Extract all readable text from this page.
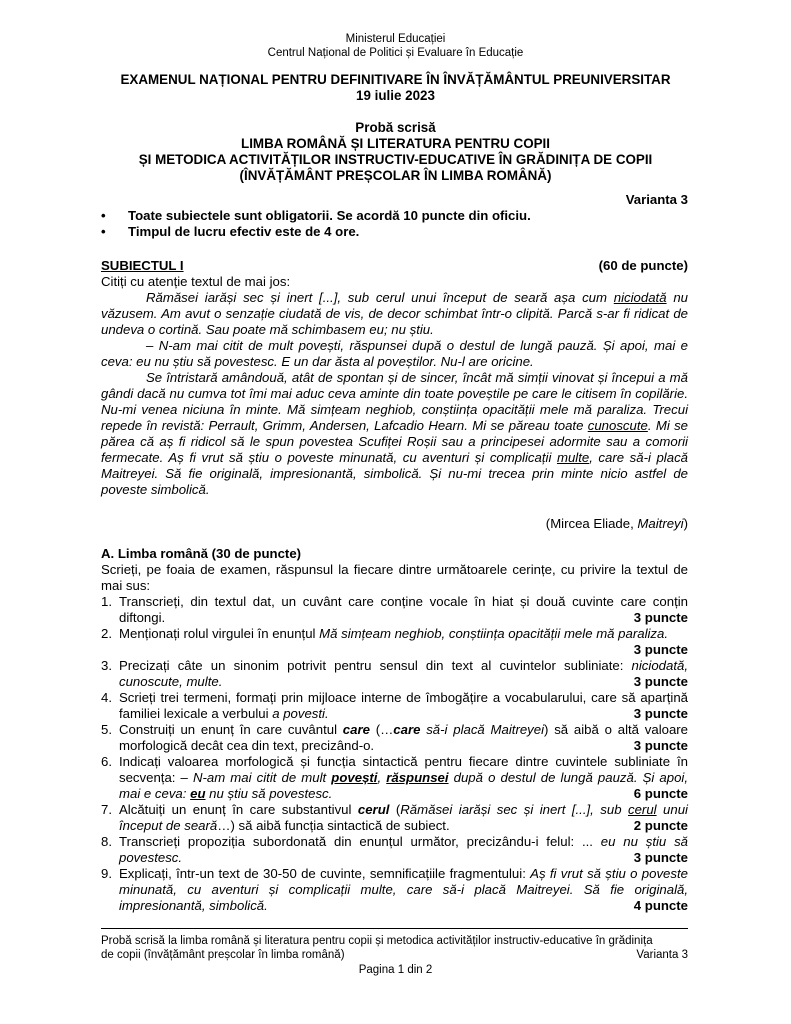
Ministerul Educației
Centrul Național de Politici și Evaluare în Educație
EXAMENUL NAȚIONAL PENTRU DEFINITIVARE ÎN ÎNVĂȚĂMÂNTUL PREUNIVERSITAR
19 iulie 2023
Probă scrisă
LIMBA ROMÂNĂ ȘI LITERATURA PENTRU COPII
ȘI METODICA ACTIVITĂȚILOR INSTRUCTIV-EDUCATIVE ÎN GRĂDINIȚA DE COPII
(ÎNVĂȚĂMÂNT PREȘCOLAR ÎN LIMBA ROMÂNĂ)
Varianta 3
• Toate subiectele sunt obligatorii. Se acordă 10 puncte din oficiu.
• Timpul de lucru efectiv este de 4 ore.
SUBIECTUL I	(60 de puncte)
Citiți cu atenție textul de mai jos:

Rămăsei iarăși sec și inert [...], sub cerul unui început de seară așa cum niciodată nu văzusem. Am avut o senzație ciudată de vis, de decor schimbat într-o clipită. Parcă s-ar fi ridicat de undeva o cortină. Sau poate mă schimbasem eu; nu știu.

– N-am mai citit de mult povești, răspunsei după o destul de lungă pauză. Și apoi, mai e ceva: eu nu știu să povestesc. E un dar ăsta al poveștilor. Nu-l are oricine.

Se întristară amândouă, atât de spontan și de sincer, încât mă simții vinovat și începui a mă gândi dacă nu cumva tot îmi mai aduc ceva aminte din toate poveștile pe care le citisem în copilărie. Nu-mi venea niciuna în minte. Mă simțeam neghiob, conștiința opacității mele mă paraliza. Trecui repede în revistă: Perrault, Grimm, Andersen, Lafcadio Hearn. Mi se păreau toate cunoscute. Mi se părea că aș fi ridicol să le spun povestea Scufiței Roșii sau a principesei adormite sau a comorii fermecate. Aș fi vrut să știu o poveste minunată, cu aventuri și complicații multe, care să-i placă Maitreyei. Să fie originală, impresionantă, simbolică. Și nu-mi trecea prin minte nicio astfel de poveste simbolică.

(Mircea Eliade, Maitreyi)
A. Limba română (30 de puncte)
Scrieți, pe foaia de examen, răspunsul la fiecare dintre următoarele cerințe, cu privire la textul de mai sus:
1. Transcrieți, din textul dat, un cuvânt care conține vocale în hiat și două cuvinte care conțin diftongi.	3 puncte
2. Menționați rolul virgulei în enunțul Mă simțeam neghiob, conștiința opacității mele mă paraliza.
3 puncte
3. Precizați câte un sinonim potrivit pentru sensul din text al cuvintelor subliniate: niciodată, cunoscute, multe.	3 puncte
4. Scrieți trei termeni, formați prin mijloace interne de îmbogățire a vocabularului, care să aparțină familiei lexicale a verbului a povesti.	3 puncte
5. Construiți un enunț în care cuvântul care (…care să-i placă Maitreyei) să aibă o altă valoare morfologică decât cea din text, precizând-o.	3 puncte
6. Indicați valoarea morfologică și funcția sintactică pentru fiecare dintre cuvintele subliniate în secvența: – N-am mai citit de mult povești, răspunsei după o destul de lungă pauză. Și apoi, mai e ceva: eu nu știu să povestesc.	6 puncte
7. Alcătuiți un enunț în care substantivul cerul (Rămăsei iarăși sec și inert [...], sub cerul unui început de seară…) să aibă funcția sintactică de subiect.	2 puncte
8. Transcrieți propoziția subordonată din enunțul următor, precizându-i felul: ... eu nu știu să povestesc.	3 puncte
9. Explicați, într-un text de 30-50 de cuvinte, semnificațiile fragmentului: Aș fi vrut să știu o poveste minunată, cu aventuri și complicații multe, care să-i placă Maitreyei. Să fie originală, impresionantă, simbolică.	4 puncte
Probă scrisă la limba română și literatura pentru copii și metodica activităților instructiv-educative în grădinița
de copii (învățământ preșcolar în limba română)	Varianta 3
Pagina 1 din 2
